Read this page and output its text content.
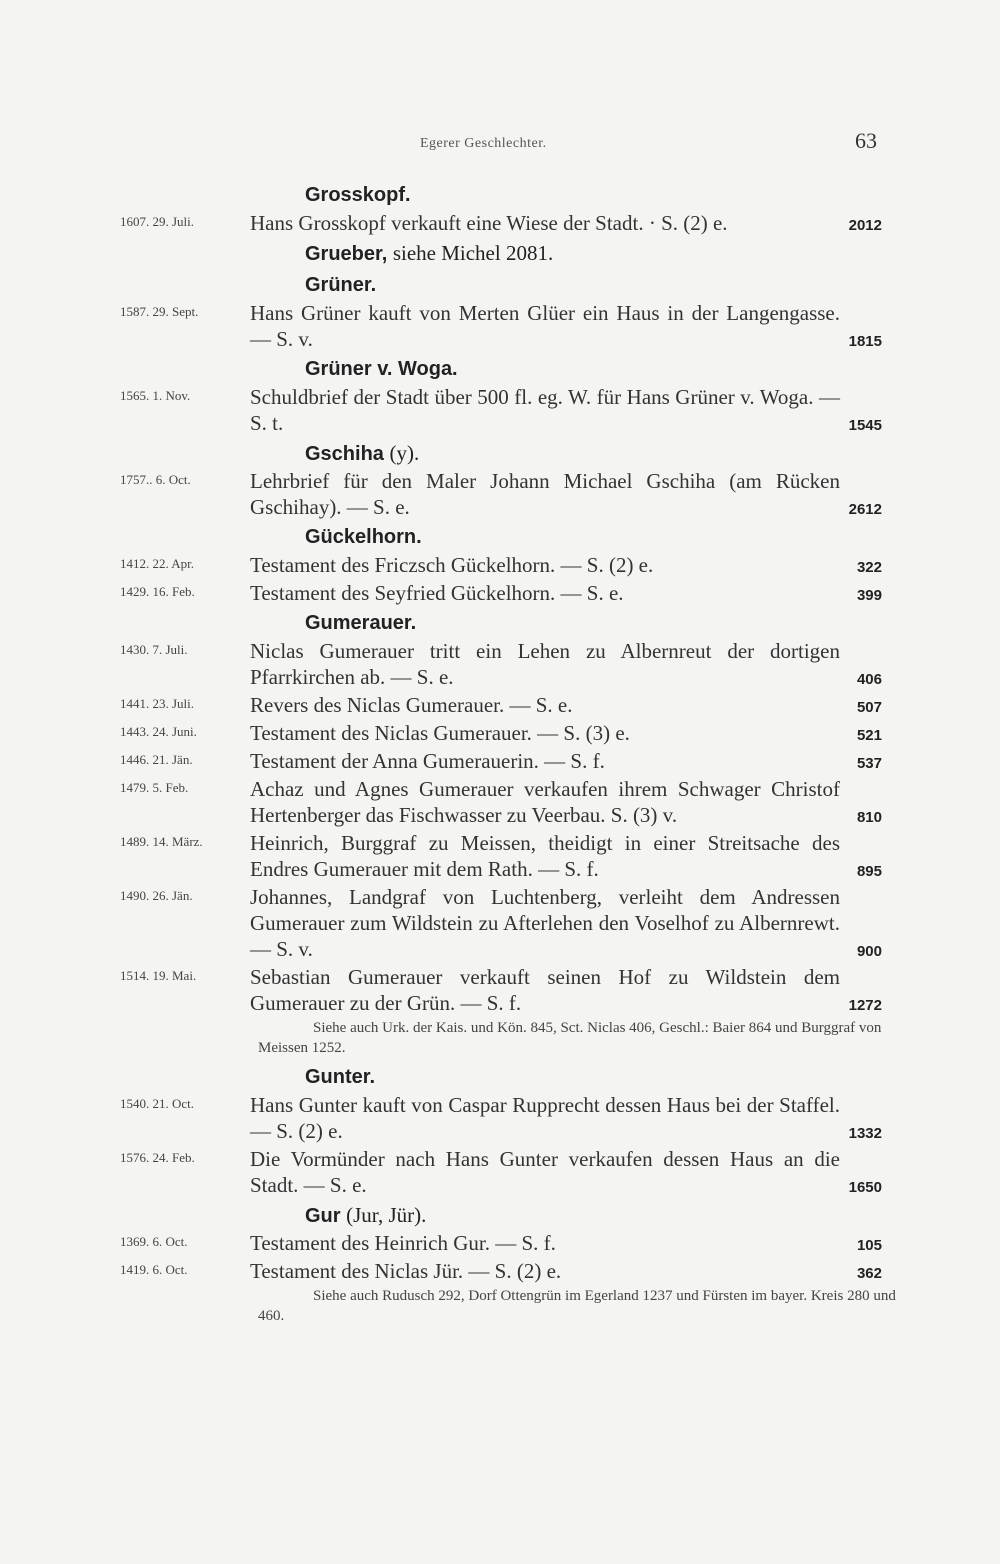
Egerer Geschlechter.	63
Grosskopf.
1607. 29. Juli.	Hans Grosskopf verkauft eine Wiese der Stadt. · S. (2) e.	2012
Grueber, siehe Michel 2081.
Grüner.
1587. 29. Sept.	Hans Grüner kauft von Merten Glüer ein Haus in der Langengasse. — S. v.	1815
Grüner v. Woga.
1565. 1. Nov.	Schuldbrief der Stadt über 500 fl. eg. W. für Hans Grüner v. Woga. — S. t.	1545
Gschiha (y).
1757.. 6. Oct.	Lehrbrief für den Maler Johann Michael Gschiha (am Rücken Gschihay). — S. e.	2612
Gückelhorn.
1412. 22. Apr.	Testament des Friczsch Gückelhorn. — S. (2) e.	322
1429. 16. Feb.	Testament des Seyfried Gückelhorn. — S. e.	399
Gumerauer.
1430. 7. Juli.	Niclas Gumerauer tritt ein Lehen zu Albernreut der dortigen Pfarrkirchen ab. — S. e.	406
1441. 23. Juli.	Revers des Niclas Gumerauer. — S. e.	507
1443. 24. Juni.	Testament des Niclas Gumerauer. — S. (3) e.	521
1446. 21. Jän.	Testament der Anna Gumerauerin. — S. f.	537
1479. 5. Feb.	Achaz und Agnes Gumerauer verkaufen ihrem Schwager Christof Hertenberger das Fischwasser zu Veerbau. S. (3) v.	810
1489. 14. März.	Heinrich, Burggraf zu Meissen, theidigt in einer Streitsache des Endres Gumerauer mit dem Rath. — S. f.	895
1490. 26. Jän.	Johannes, Landgraf von Luchtenberg, verleiht dem Andressen Gumerauer zum Wildstein zu Afterlehen den Voselhof zu Albernrewt. — S. v.	900
1514. 19. Mai.	Sebastian Gumerauer verkauft seinen Hof zu Wildstein dem Gumerauer zu der Grün. — S. f.	1272
Siehe auch Urk. der Kais. und Kön. 845, Sct. Niclas 406, Geschl.: Baier 864 und Burggraf von Meissen 1252.
Gunter.
1540. 21. Oct.	Hans Gunter kauft von Caspar Rupprecht dessen Haus bei der Staffel. — S. (2) e.	1332
1576. 24. Feb.	Die Vormünder nach Hans Gunter verkaufen dessen Haus an die Stadt. — S. e.	1650
Gur (Jur, Jür).
1369. 6. Oct.	Testament des Heinrich Gur. — S. f.	105
1419. 6. Oct.	Testament des Niclas Jür. — S. (2) e.	362
Siehe auch Rudusch 292, Dorf Ottengrün im Egerland 1237 und Fürsten im bayer. Kreis 280 und 460.
